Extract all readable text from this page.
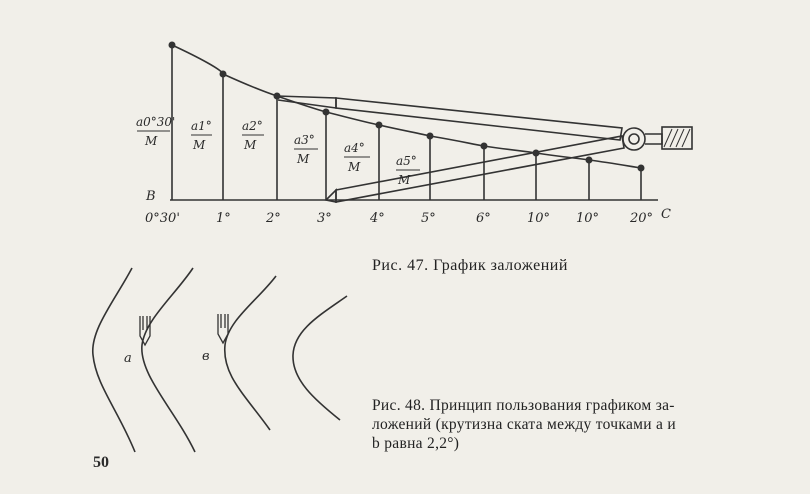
B
C
0°30'	1°	2°	3°	4°	5°	6°	10° 10° 20°
a0°30'
M
a1°
M
a2°
M	a3°
M
a4°
M	a5°
M
a	в
Рис. 47. График заложений
Рис. 48. Принцип пользования графиком за-
ложений (крутизна ската между точками a и
b равна 2,2°)
50
